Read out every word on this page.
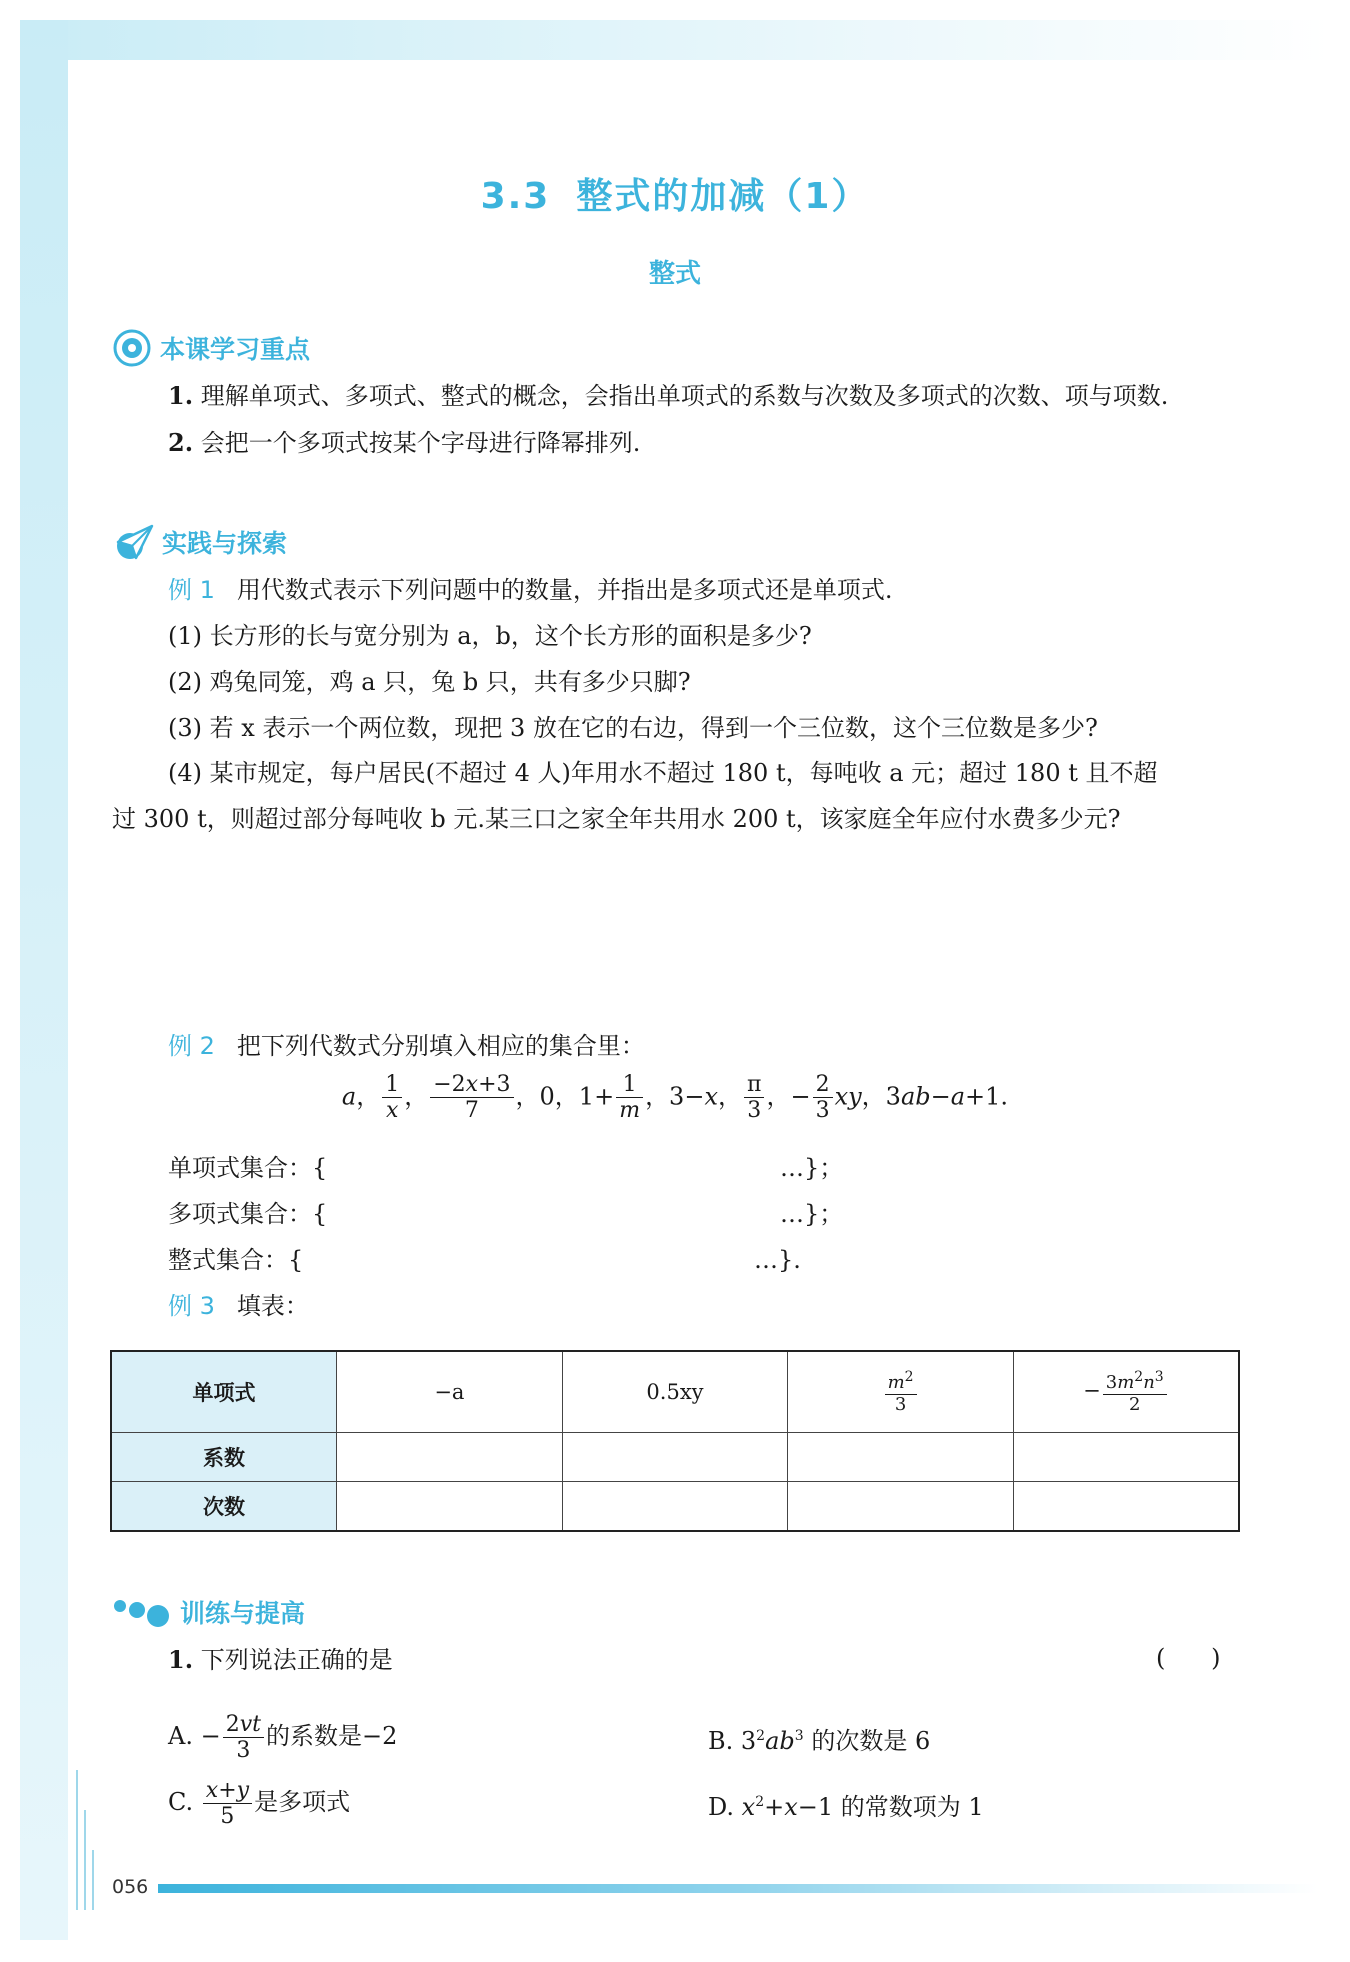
3.3 整式的加减（1）
整式
本课学习重点
1. 理解单项式、多项式、整式的概念，会指出单项式的系数与次数及多项式的次数、项与项数.
2. 会把一个多项式按某个字母进行降幂排列.
实践与探索
例 1 用代数式表示下列问题中的数量，并指出是多项式还是单项式.
(1) 长方形的长与宽分别为 a，b，这个长方形的面积是多少?
(2) 鸡兔同笼，鸡 a 只，兔 b 只，共有多少只脚?
(3) 若 x 表示一个两位数，现把 3 放在它的右边，得到一个三位数，这个三位数是多少?
(4) 某市规定，每户居民(不超过 4 人)年用水不超过 180 t，每吨收 a 元；超过 180 t 且不超
过 300 t，则超过部分每吨收 b 元.某三口之家全年共用水 200 t，该家庭全年应付水费多少元?
例 2 把下列代数式分别填入相应的集合里：
a， $\frac{1}{x}$ ， $\frac{-2x+3}{7}$ ，0，$1+ \frac{1}{m}$ ，3−x， $\frac{\pi}{3}$ ，− $\frac{2}{3}$ xy，3ab−a+1.
单项式集合：{	…}；
多项式集合：{	…}；
整式集合：{	…}.
例 3 填表：
单项式	−a	0.5xy	$\frac{m^2}{3}$	− $\frac{3m^2n^3}{2}$

系数				
次数				
训练与提高
1. 下列说法正确的是	(      )
A. − $\frac{2vt}{3}$ 的系数是−2	B. $3^2ab^3$ 的次数是 6
C. $\frac{x+y}{5}$ 是多项式	D. $x^2+x-1$ 的常数项为 1
056
